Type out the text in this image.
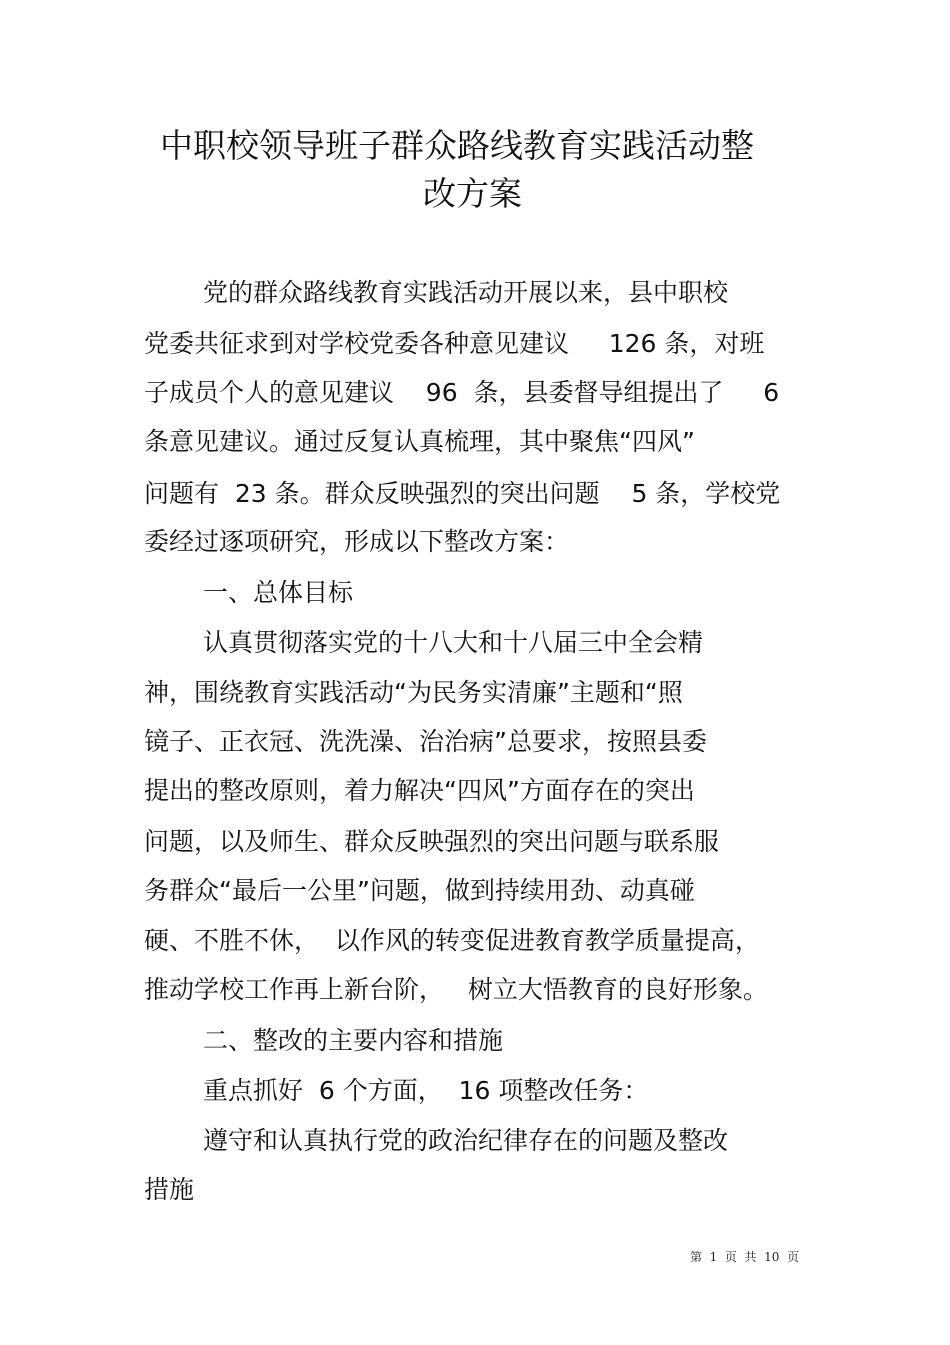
中职校领导班子群众路线教育实践活动整
改方案
党的群众路线教育实践活动开展以来，县中职校
党委共征求到对学校党委各种意见建议     126 条，对班
子成员个人的意见建议    96  条，县委督导组提出了     6
条意见建议。通过反复认真梳理，其中聚焦“四风”
问题有  23 条。群众反映强烈的突出问题    5 条，学校党
委经过逐项研究，形成以下整改方案：
一、总体目标
认真贯彻落实党的十八大和十八届三中全会精
神，围绕教育实践活动“为民务实清廉”主题和“照
镜子、正衣冠、洗洗澡、治治病”总要求，按照县委
提出的整改原则，着力解决“四风”方面存在的突出
问题，以及师生、群众反映强烈的突出问题与联系服
务群众“最后一公里”问题，做到持续用劲、动真碰
硬、不胜不休，  以作风的转变促进教育教学质量提高，
推动学校工作再上新台阶，   树立大悟教育的良好形象。
二、整改的主要内容和措施
重点抓好  6 个方面，  16 项整改任务：
遵守和认真执行党的政治纪律存在的问题及整改
措施
第  1  页  共  10  页
